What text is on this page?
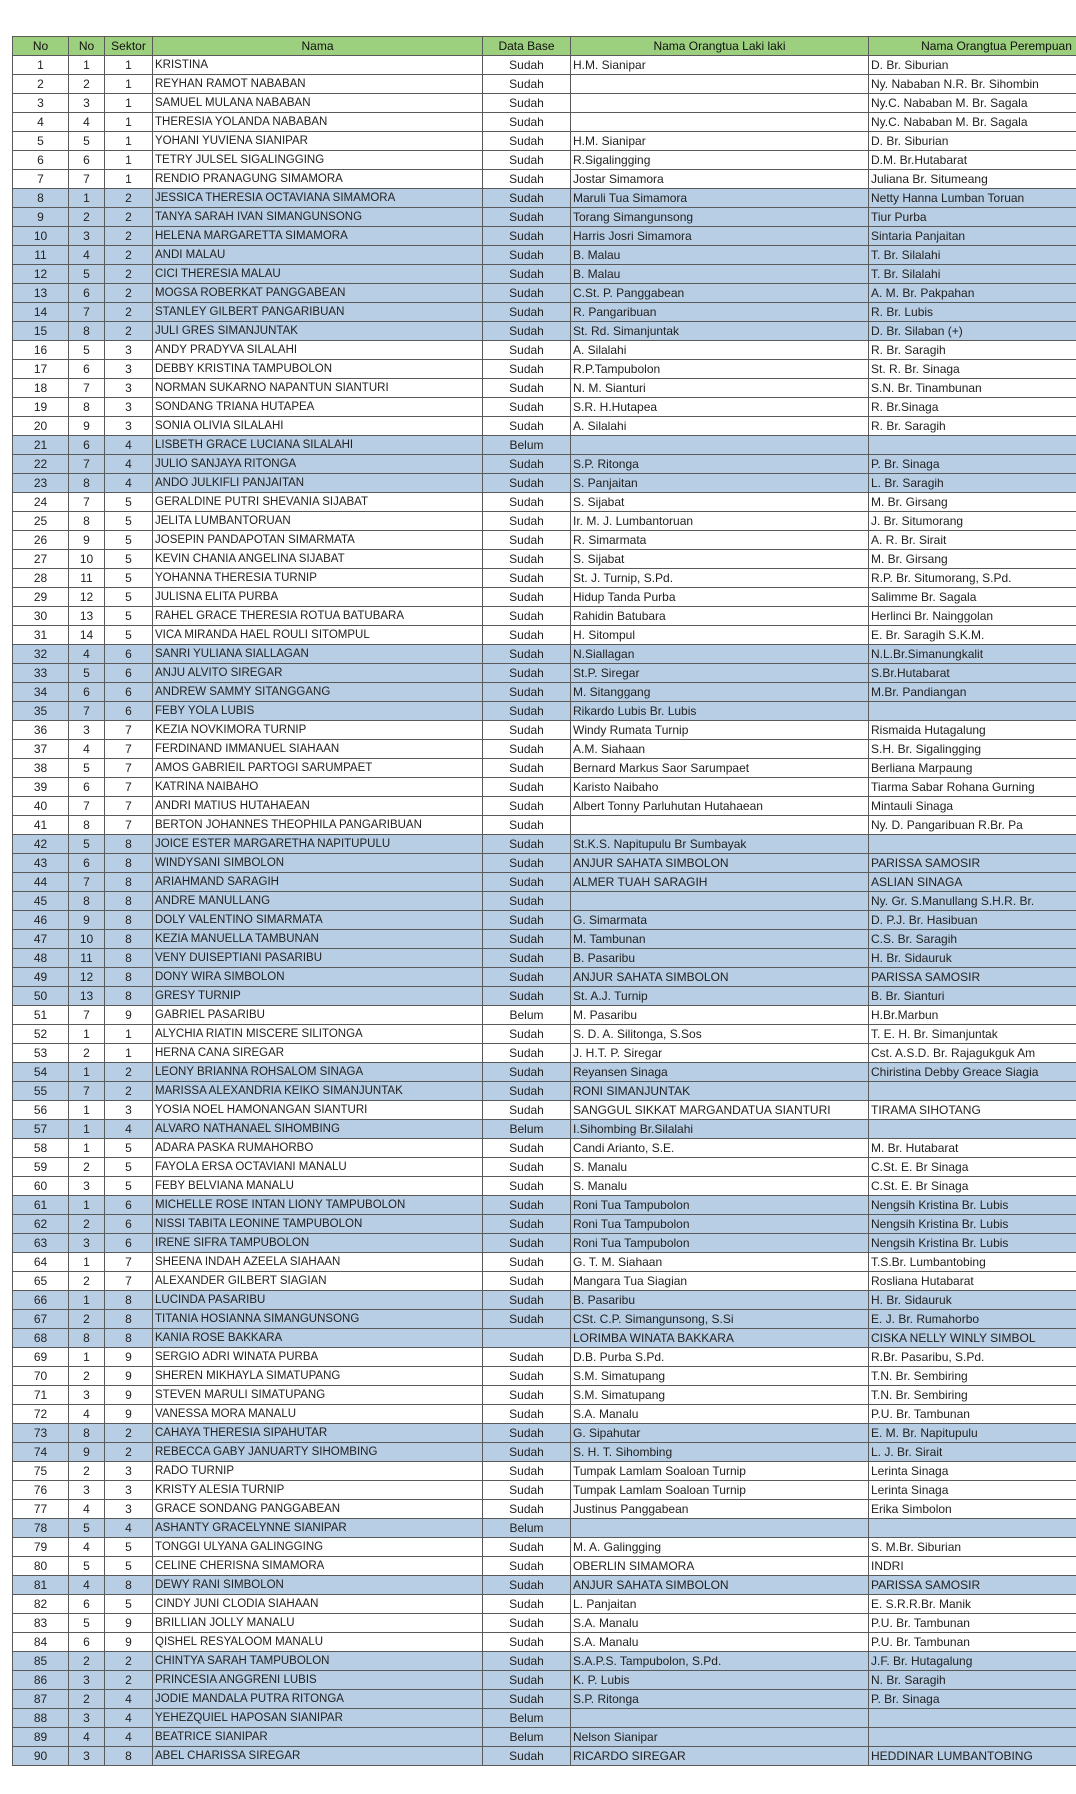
No	No	Sektor	Nama	Data Base	Nama Orangtua Laki laki	Nama Orangtua Perempuan
1	1	1	KRISTINA	Sudah	H.M. Sianipar	D. Br. Siburian
2	2	1	REYHAN RAMOT NABABAN	Sudah		Ny. Nababan N.R. Br. Sihombin
3	3	1	SAMUEL MULANA NABABAN	Sudah		Ny.C. Nababan M. Br. Sagala
4	4	1	THERESIA YOLANDA NABABAN	Sudah		Ny.C. Nababan M. Br. Sagala
5	5	1	YOHANI YUVIENA SIANIPAR	Sudah	H.M. Sianipar	D. Br. Siburian
6	6	1	TETRY JULSEL SIGALINGGING	Sudah	R.Sigalingging	D.M. Br.Hutabarat
7	7	1	RENDIO PRANAGUNG SIMAMORA	Sudah	Jostar Simamora	Juliana Br. Situmeang
8	1	2	JESSICA THERESIA OCTAVIANA SIMAMORA	Sudah	Maruli Tua Simamora	Netty Hanna Lumban Toruan
9	2	2	TANYA SARAH IVAN SIMANGUNSONG	Sudah	Torang Simangunsong	Tiur Purba
10	3	2	HELENA MARGARETTA SIMAMORA	Sudah	Harris Josri Simamora	Sintaria Panjaitan
11	4	2	ANDI MALAU	Sudah	B. Malau	T. Br. Silalahi
12	5	2	CICI THERESIA MALAU	Sudah	B. Malau	T. Br. Silalahi
13	6	2	MOGSA ROBERKAT PANGGABEAN	Sudah	C.St. P. Panggabean	A. M. Br. Pakpahan
14	7	2	STANLEY GILBERT PANGARIBUAN	Sudah	R. Pangaribuan	R. Br. Lubis
15	8	2	JULI GRES SIMANJUNTAK	Sudah	St. Rd. Simanjuntak	D. Br. Silaban (+)
16	5	3	ANDY PRADYVA SILALAHI	Sudah	A. Silalahi	R. Br. Saragih
17	6	3	DEBBY KRISTINA TAMPUBOLON	Sudah	R.P.Tampubolon	St. R. Br. Sinaga
18	7	3	NORMAN SUKARNO NAPANTUN SIANTURI	Sudah	N. M. Sianturi	S.N. Br. Tinambunan
19	8	3	SONDANG TRIANA HUTAPEA	Sudah	S.R. H.Hutapea	R. Br.Sinaga
20	9	3	SONIA OLIVIA SILALAHI	Sudah	A. Silalahi	R. Br. Saragih
21	6	4	LISBETH GRACE LUCIANA SILALAHI	Belum		
22	7	4	JULIO SANJAYA RITONGA	Sudah	S.P. Ritonga	P. Br. Sinaga
23	8	4	ANDO JULKIFLI PANJAITAN	Sudah	S. Panjaitan	L. Br. Saragih
24	7	5	GERALDINE PUTRI SHEVANIA SIJABAT	Sudah	S. Sijabat	M. Br. Girsang
25	8	5	JELITA LUMBANTORUAN	Sudah	Ir. M. J. Lumbantoruan	J. Br. Situmorang
26	9	5	JOSEPIN PANDAPOTAN SIMARMATA	Sudah	R. Simarmata	A. R. Br. Sirait
27	10	5	KEVIN CHANIA ANGELINA SIJABAT	Sudah	S. Sijabat	M. Br. Girsang
28	11	5	YOHANNA THERESIA TURNIP	Sudah	St. J. Turnip, S.Pd.	R.P. Br. Situmorang, S.Pd.
29	12	5	JULISNA ELITA PURBA	Sudah	Hidup Tanda Purba	Salimme Br. Sagala
30	13	5	RAHEL GRACE THERESIA ROTUA BATUBARA	Sudah	Rahidin Batubara	Herlinci Br. Nainggolan
31	14	5	VICA MIRANDA HAEL ROULI SITOMPUL	Sudah	H. Sitompul	E. Br. Saragih S.K.M.
32	4	6	SANRI YULIANA SIALLAGAN	Sudah	N.Siallagan	N.L.Br.Simanungkalit
33	5	6	ANJU ALVITO SIREGAR	Sudah	St.P. Siregar	S.Br.Hutabarat
34	6	6	ANDREW SAMMY SITANGGANG	Sudah	M. Sitanggang	M.Br. Pandiangan
35	7	6	FEBY YOLA LUBIS	Sudah	Rikardo Lubis Br. Lubis	
36	3	7	KEZIA NOVKIMORA TURNIP	Sudah	Windy Rumata Turnip	Rismaida Hutagalung
37	4	7	FERDINAND IMMANUEL SIAHAAN	Sudah	A.M. Siahaan	S.H. Br. Sigalingging
38	5	7	AMOS GABRIEIL PARTOGI SARUMPAET	Sudah	Bernard Markus Saor Sarumpaet	Berliana Marpaung
39	6	7	KATRINA NAIBAHO	Sudah	Karisto Naibaho	Tiarma Sabar Rohana Gurning
40	7	7	ANDRI MATIUS HUTAHAEAN	Sudah	Albert Tonny Parluhutan Hutahaean	Mintauli Sinaga
41	8	7	BERTON JOHANNES THEOPHILA PANGARIBUAN	Sudah		Ny. D. Pangaribuan R.Br. Pa
42	5	8	JOICE ESTER MARGARETHA NAPITUPULU	Sudah	St.K.S. Napitupulu Br Sumbayak	
43	6	8	WINDYSANI SIMBOLON	Sudah	ANJUR SAHATA SIMBOLON	PARISSA SAMOSIR
44	7	8	ARIAHMAND SARAGIH	Sudah	ALMER TUAH SARAGIH	ASLIAN SINAGA
45	8	8	ANDRE MANULLANG	Sudah		Ny. Gr. S.Manullang S.H.R. Br.
46	9	8	DOLY VALENTINO SIMARMATA	Sudah	G. Simarmata	D. P.J. Br. Hasibuan
47	10	8	KEZIA MANUELLA TAMBUNAN	Sudah	M. Tambunan	C.S. Br. Saragih
48	11	8	VENY DUISEPTIANI PASARIBU	Sudah	B. Pasaribu	H. Br. Sidauruk
49	12	8	DONY WIRA SIMBOLON	Sudah	ANJUR SAHATA SIMBOLON	PARISSA SAMOSIR
50	13	8	GRESY TURNIP	Sudah	St. A.J. Turnip	B. Br. Sianturi
51	7	9	GABRIEL PASARIBU	Belum	M. Pasaribu	H.Br.Marbun
52	1	1	ALYCHIA RIATIN MISCERE SILITONGA	Sudah	S. D. A. Silitonga, S.Sos	T. E. H. Br. Simanjuntak
53	2	1	HERNA CANA SIREGAR	Sudah	J. H.T. P. Siregar	Cst. A.S.D. Br. Rajagukguk Am
54	1	2	LEONY BRIANNA ROHSALOM SINAGA	Sudah	Reyansen Sinaga	Chiristina Debby Greace Siagia
55	7	2	MARISSA ALEXANDRIA KEIKO SIMANJUNTAK	Sudah	RONI SIMANJUNTAK	
56	1	3	YOSIA NOEL HAMONANGAN SIANTURI	Sudah	SANGGUL SIKKAT MARGANDATUA SIANTURI	TIRAMA SIHOTANG
57	1	4	ALVARO NATHANAEL SIHOMBING	Belum	I.Sihombing Br.Silalahi	
58	1	5	ADARA PASKA RUMAHORBO	Sudah	Candi Arianto, S.E.	M. Br. Hutabarat
59	2	5	FAYOLA ERSA OCTAVIANI MANALU	Sudah	S. Manalu	C.St. E. Br Sinaga
60	3	5	FEBY BELVIANA MANALU	Sudah	S. Manalu	C.St. E. Br Sinaga
61	1	6	MICHELLE ROSE INTAN LIONY TAMPUBOLON	Sudah	Roni Tua Tampubolon	Nengsih Kristina Br. Lubis
62	2	6	NISSI TABITA LEONINE TAMPUBOLON	Sudah	Roni Tua Tampubolon	Nengsih Kristina Br. Lubis
63	3	6	IRENE SIFRA TAMPUBOLON	Sudah	Roni Tua Tampubolon	Nengsih Kristina Br. Lubis
64	1	7	SHEENA INDAH AZEELA SIAHAAN	Sudah	G. T. M. Siahaan	T.S.Br. Lumbantobing
65	2	7	ALEXANDER GILBERT SIAGIAN	Sudah	Mangara Tua Siagian	Rosliana Hutabarat
66	1	8	LUCINDA PASARIBU	Sudah	B. Pasaribu	H. Br. Sidauruk
67	2	8	TITANIA HOSIANNA SIMANGUNSONG	Sudah	CSt. C.P. Simangunsong, S.Si	E. J. Br. Rumahorbo
68	8	8	KANIA ROSE BAKKARA		LORIMBA WINATA BAKKARA	CISKA NELLY WINLY SIMBOL
69	1	9	SERGIO ADRI WINATA PURBA	Sudah	D.B. Purba S.Pd.	R.Br. Pasaribu, S.Pd.
70	2	9	SHEREN MIKHAYLA SIMATUPANG	Sudah	S.M. Simatupang	T.N. Br. Sembiring
71	3	9	STEVEN MARULI SIMATUPANG	Sudah	S.M. Simatupang	T.N. Br. Sembiring
72	4	9	VANESSA MORA MANALU	Sudah	S.A. Manalu	P.U. Br. Tambunan
73	8	2	CAHAYA THERESIA SIPAHUTAR	Sudah	G. Sipahutar	E. M. Br. Napitupulu
74	9	2	REBECCA GABY JANUARTY SIHOMBING	Sudah	S. H. T. Sihombing	L. J. Br. Sirait
75	2	3	RADO TURNIP	Sudah	Tumpak Lamlam Soaloan Turnip	Lerinta Sinaga
76	3	3	KRISTY ALESIA TURNIP	Sudah	Tumpak Lamlam Soaloan Turnip	Lerinta Sinaga
77	4	3	GRACE SONDANG PANGGABEAN	Sudah	Justinus Panggabean	Erika Simbolon
78	5	4	ASHANTY GRACELYNNE SIANIPAR	Belum		
79	4	5	TONGGI ULYANA GALINGGING	Sudah	M. A. Galingging	S. M.Br. Siburian
80	5	5	CELINE CHERISNA SIMAMORA	Sudah	OBERLIN SIMAMORA	INDRI
81	4	8	DEWY RANI SIMBOLON	Sudah	ANJUR SAHATA SIMBOLON	PARISSA SAMOSIR
82	6	5	CINDY JUNI CLODIA SIAHAAN	Sudah	L. Panjaitan	E. S.R.R.Br. Manik
83	5	9	BRILLIAN JOLLY MANALU	Sudah	S.A. Manalu	P.U. Br. Tambunan
84	6	9	QISHEL RESYALOOM MANALU	Sudah	S.A. Manalu	P.U. Br. Tambunan
85	2	2	CHINTYA SARAH TAMPUBOLON	Sudah	S.A.P.S. Tampubolon, S.Pd.	J.F. Br. Hutagalung
86	3	2	PRINCESIA ANGGRENI LUBIS	Sudah	K. P. Lubis	N. Br. Saragih
87	2	4	JODIE MANDALA PUTRA RITONGA	Sudah	S.P. Ritonga	P. Br. Sinaga
88	3	4	YEHEZQUIEL HAPOSAN SIANIPAR	Belum		
89	4	4	BEATRICE SIANIPAR	Belum	Nelson Sianipar	
90	3	8	ABEL CHARISSA SIREGAR	Sudah	RICARDO SIREGAR	HEDDINAR LUMBANTOBING
